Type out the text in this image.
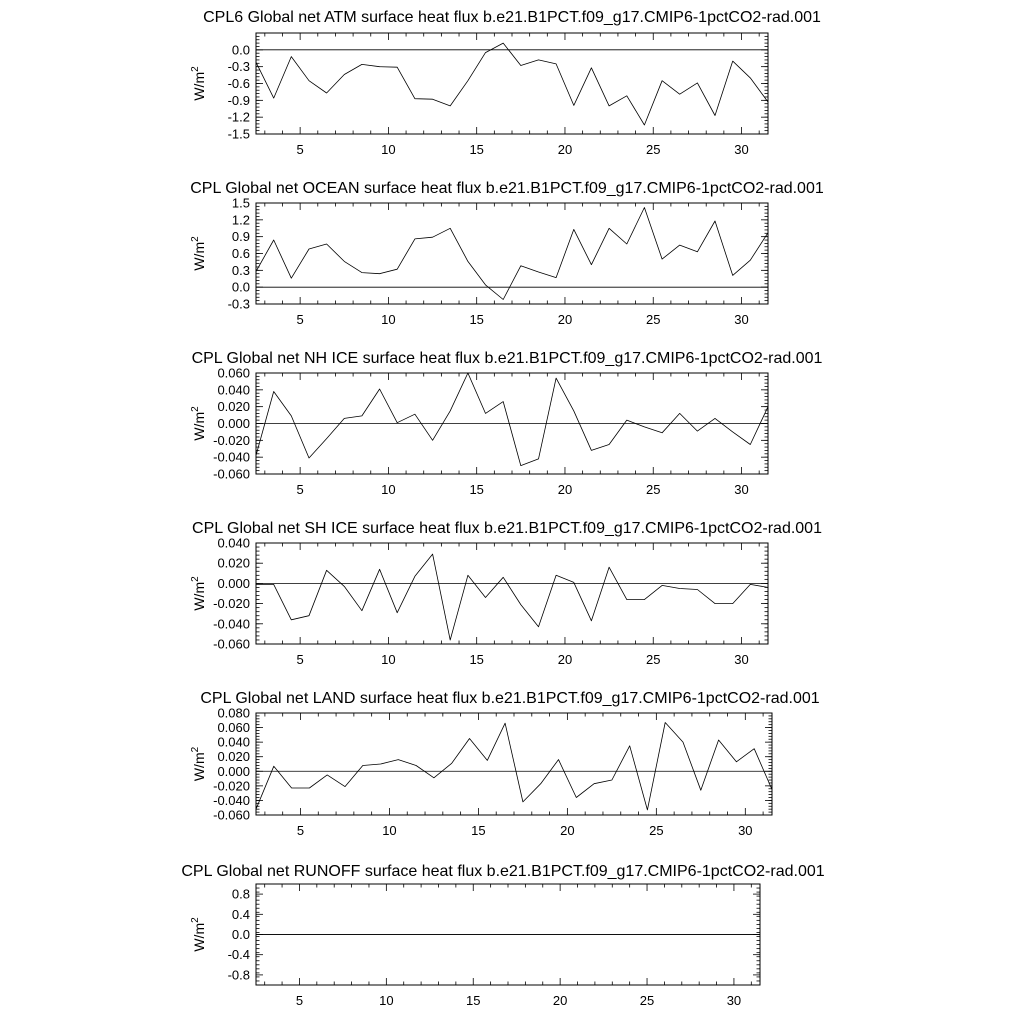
CPL6 Global net ATM surface heat flux b.e21.B1PCT.f09_g17.CMIP6-1pctCO2-rad.001
$W/m^2$
-1.5
-1.2
-0.9
-0.6
-0.3
0.0
5	10	15	20	25	30
CPL Global net OCEAN surface heat flux b.e21.B1PCT.f09_g17.CMIP6-1pctCO2-rad.001
$W/m^2$
-0.3
0.0
0.3
0.6
0.9
1.2
1.5
5	10	15	20	25	30
CPL Global net NH ICE surface heat flux b.e21.B1PCT.f09_g17.CMIP6-1pctCO2-rad.001
$W/m^2$
-0.060
-0.040
-0.020
0.000
0.020
0.040
0.060
5	10	15	20	25	30
CPL Global net SH ICE surface heat flux b.e21.B1PCT.f09_g17.CMIP6-1pctCO2-rad.001
$W/m^2$
-0.060
-0.040
-0.020
0.000
0.020
0.040
5	10	15	20	25	30
CPL Global net LAND surface heat flux b.e21.B1PCT.f09_g17.CMIP6-1pctCO2-rad.001
$W/m^2$
-0.060
-0.040
-0.020
0.000
0.020
0.040
0.060
0.080
5	10	15	20	25	30
CPL Global net RUNOFF surface heat flux b.e21.B1PCT.f09_g17.CMIP6-1pctCO2-rad.001
$W/m^2$
-0.8
-0.4
0.0
0.4
0.8
5	10	15	20	25	30
